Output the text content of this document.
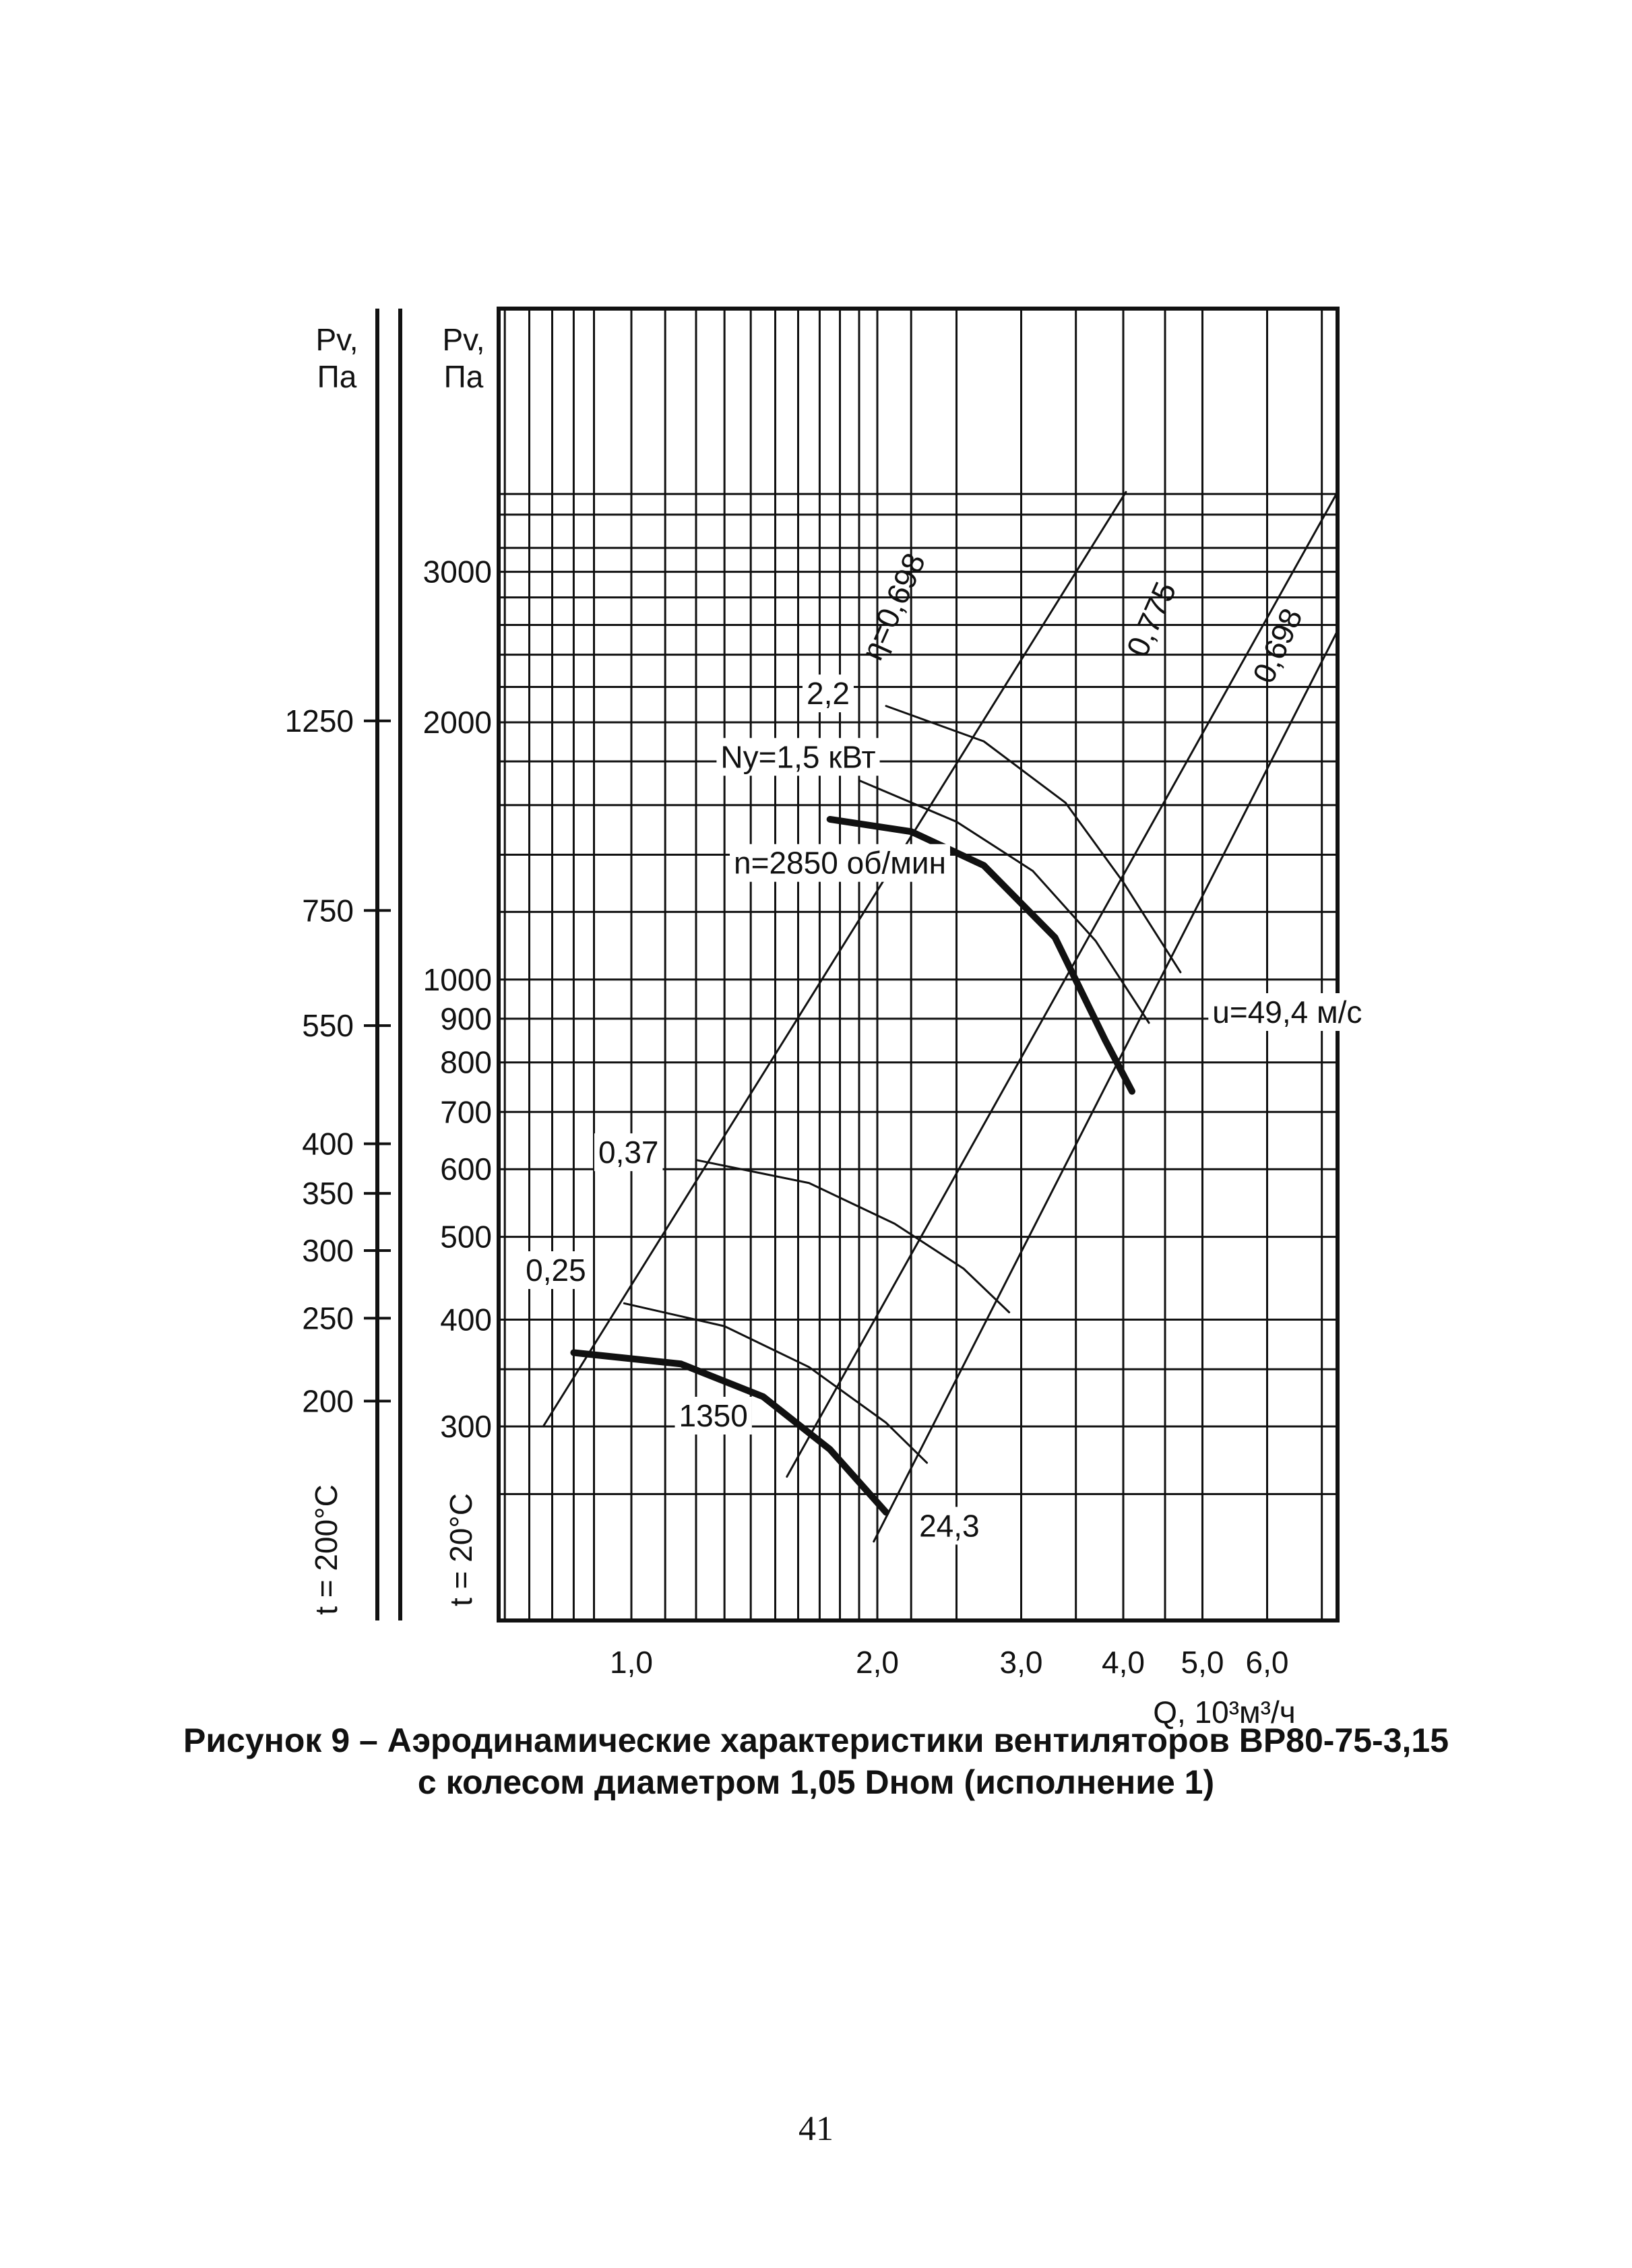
Pv,
Па
Pv,
Па
3000
2000
1000
900
800
700
600
500
400
300
1250
750
550
400
350
300
250
200
t = 200°C	t = 20°C
1,0	2,0	3,0 4,0 5,0 6,0
Q, 10³м³/ч
η=0,698	0,775 0,698
2,2
Ny=1,5 кВт
n=2850 об/мин
u=49,4 м/с
0,37
0,25
1350
24,3
Рисунок 9 – Аэродинамические характеристики вентиляторов ВР80-75-3,15
с колесом диаметром 1,05 Dном (исполнение 1)
41
